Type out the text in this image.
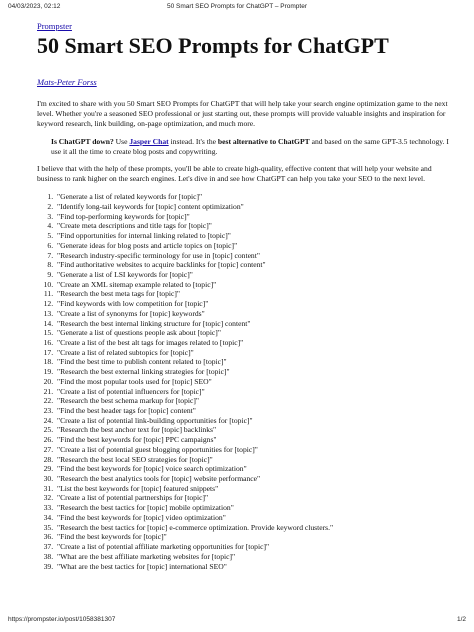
04/03/2023, 02:12	50 Smart SEO Prompts for ChatGPT – Prompter
Prompster
50 Smart SEO Prompts for ChatGPT
Mats-Peter Forss

I'm excited to share with you 50 Smart SEO Prompts for ChatGPT that will help take your search engine optimization game to the next level. Whether you're a seasoned SEO professional or just starting out, these prompts will provide valuable insights and inspiration for keyword research, link building, on-page optimization, and much more.

Is ChatGPT down? Use Jasper Chat instead. It's the best alternative to ChatGPT and based on the same GPT-3.5 technology. I use it all the time to create blog posts and copywriting.

I believe that with the help of these prompts, you'll be able to create high-quality, effective content that will help your website and business to rank higher on the search engines. Let's dive in and see how ChatGPT can help you take your SEO to the next level.

1. "Generate a list of related keywords for [topic]"
2. "Identify long-tail keywords for [topic] content optimization"
3. "Find top-performing keywords for [topic]"
4. "Create meta descriptions and title tags for [topic]"
5. "Find opportunities for internal linking related to [topic]"
6. "Generate ideas for blog posts and article topics on [topic]"
7. "Research industry-specific terminology for use in [topic] content"
8. "Find authoritative websites to acquire backlinks for [topic] content"
9. "Generate a list of LSI keywords for [topic]"
10. "Create an XML sitemap example related to [topic]"
11. "Research the best meta tags for [topic]"
12. "Find keywords with low competition for [topic]"
13. "Create a list of synonyms for [topic] keywords"
14. "Research the best internal linking structure for [topic] content"
15. "Generate a list of questions people ask about [topic]"
16. "Create a list of the best alt tags for images related to [topic]"
17. "Create a list of related subtopics for [topic]"
18. "Find the best time to publish content related to [topic]"
19. "Research the best external linking strategies for [topic]"
20. "Find the most popular tools used for [topic] SEO"
21. "Create a list of potential influencers for [topic]"
22. "Research the best schema markup for [topic]"
23. "Find the best header tags for [topic] content"
24. "Create a list of potential link-building opportunities for [topic]"
25. "Research the best anchor text for [topic] backlinks"
26. "Find the best keywords for [topic] PPC campaigns"
27. "Create a list of potential guest blogging opportunities for [topic]"
28. "Research the best local SEO strategies for [topic]"
29. "Find the best keywords for [topic] voice search optimization"
30. "Research the best analytics tools for [topic] website performance"
31. "List the best keywords for [topic] featured snippets"
32. "Create a list of potential partnerships for [topic]"
33. "Research the best tactics for [topic] mobile optimization"
34. "Find the best keywords for [topic] video optimization"
35. "Research the best tactics for [topic] e-commerce optimization. Provide keyword clusters."
36. "Find the best keywords for [topic]"
37. "Create a list of potential affiliate marketing opportunities for [topic]"
38. "What are the best affiliate marketing websites for [topic]"
39. "What are the best tactics for [topic] international SEO"
https://prompster.io/post/1058381307	1/2
